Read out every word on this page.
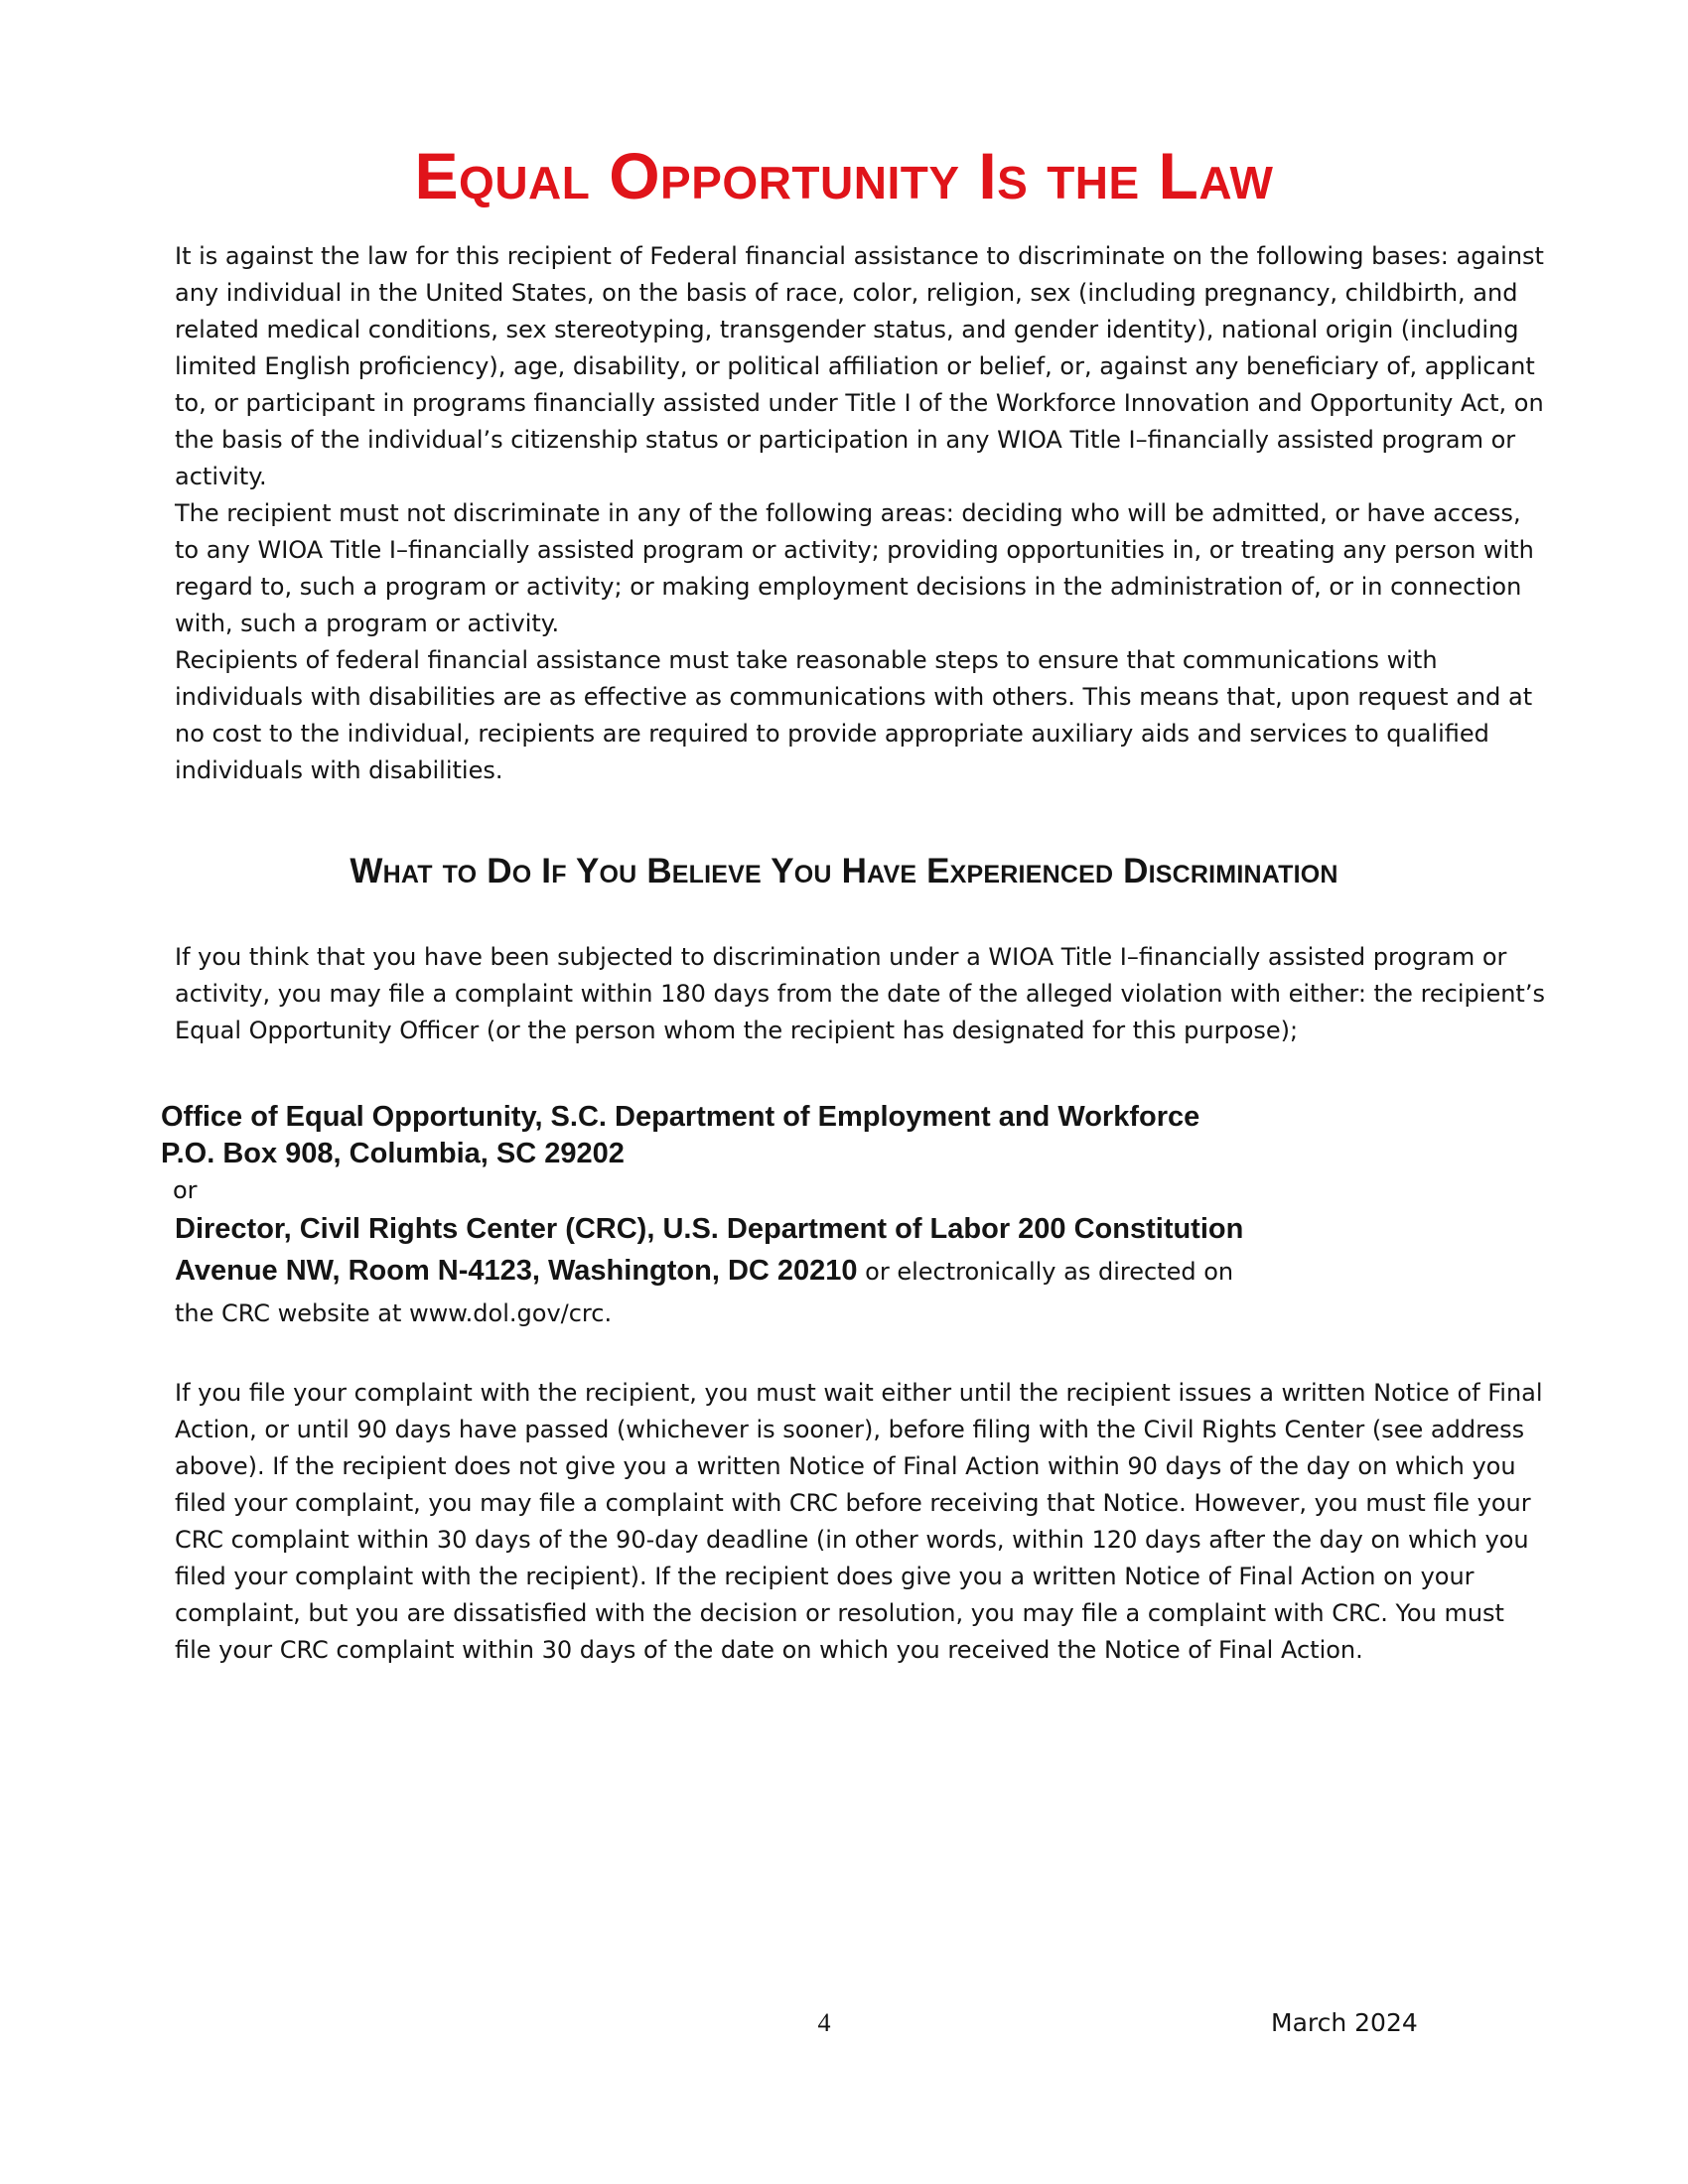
Equal Opportunity Is the Law

It is against the law for this recipient of Federal financial assistance to discriminate on the following bases: against any individual in the United States, on the basis of race, color, religion, sex (including pregnancy, childbirth, and related medical conditions, sex stereotyping, transgender status, and gender identity), national origin (including limited English proficiency), age, disability, or political affiliation or belief, or, against any beneficiary of, applicant to, or participant in programs financially assisted under Title I of the Workforce Innovation and Opportunity Act, on the basis of the individual’s citizenship status or participation in any WIOA Title I–financially assisted program or activity.

The recipient must not discriminate in any of the following areas: deciding who will be admitted, or have access, to any WIOA Title I–financially assisted program or activity; providing opportunities in, or treating any person with regard to, such a program or activity; or making employment decisions in the administration of, or in connection with, such a program or activity.

Recipients of federal financial assistance must take reasonable steps to ensure that communications with individuals with disabilities are as effective as communications with others. This means that, upon request and at no cost to the individual, recipients are required to provide appropriate auxiliary aids and services to qualified individuals with disabilities.

What to Do If You Believe You Have Experienced Discrimination

If you think that you have been subjected to discrimination under a WIOA Title I–financially assisted program or activity, you may file a complaint within 180 days from the date of the alleged violation with either: the recipient’s Equal Opportunity Officer (or the person whom the recipient has designated for this purpose);

Office of Equal Opportunity, S.C. Department of Employment and Workforce
P.O. Box 908, Columbia, SC 29202
or
Director, Civil Rights Center (CRC), U.S. Department of Labor 200 Constitution
Avenue NW, Room N-4123, Washington, DC 20210 or electronically as directed on
the CRC website at www.dol.gov/crc.

If you file your complaint with the recipient, you must wait either until the recipient issues a written Notice of Final Action, or until 90 days have passed (whichever is sooner), before filing with the Civil Rights Center (see address above). If the recipient does not give you a written Notice of Final Action within 90 days of the day on which you filed your complaint, you may file a complaint with CRC before receiving that Notice. However, you must file your CRC complaint within 30 days of the 90-day deadline (in other words, within 120 days after the day on which you filed your complaint with the recipient). If the recipient does give you a written Notice of Final Action on your complaint, but you are dissatisfied with the decision or resolution, you may file a complaint with CRC. You must file your CRC complaint within 30 days of the date on which you received the Notice of Final Action.

4	March 2024
